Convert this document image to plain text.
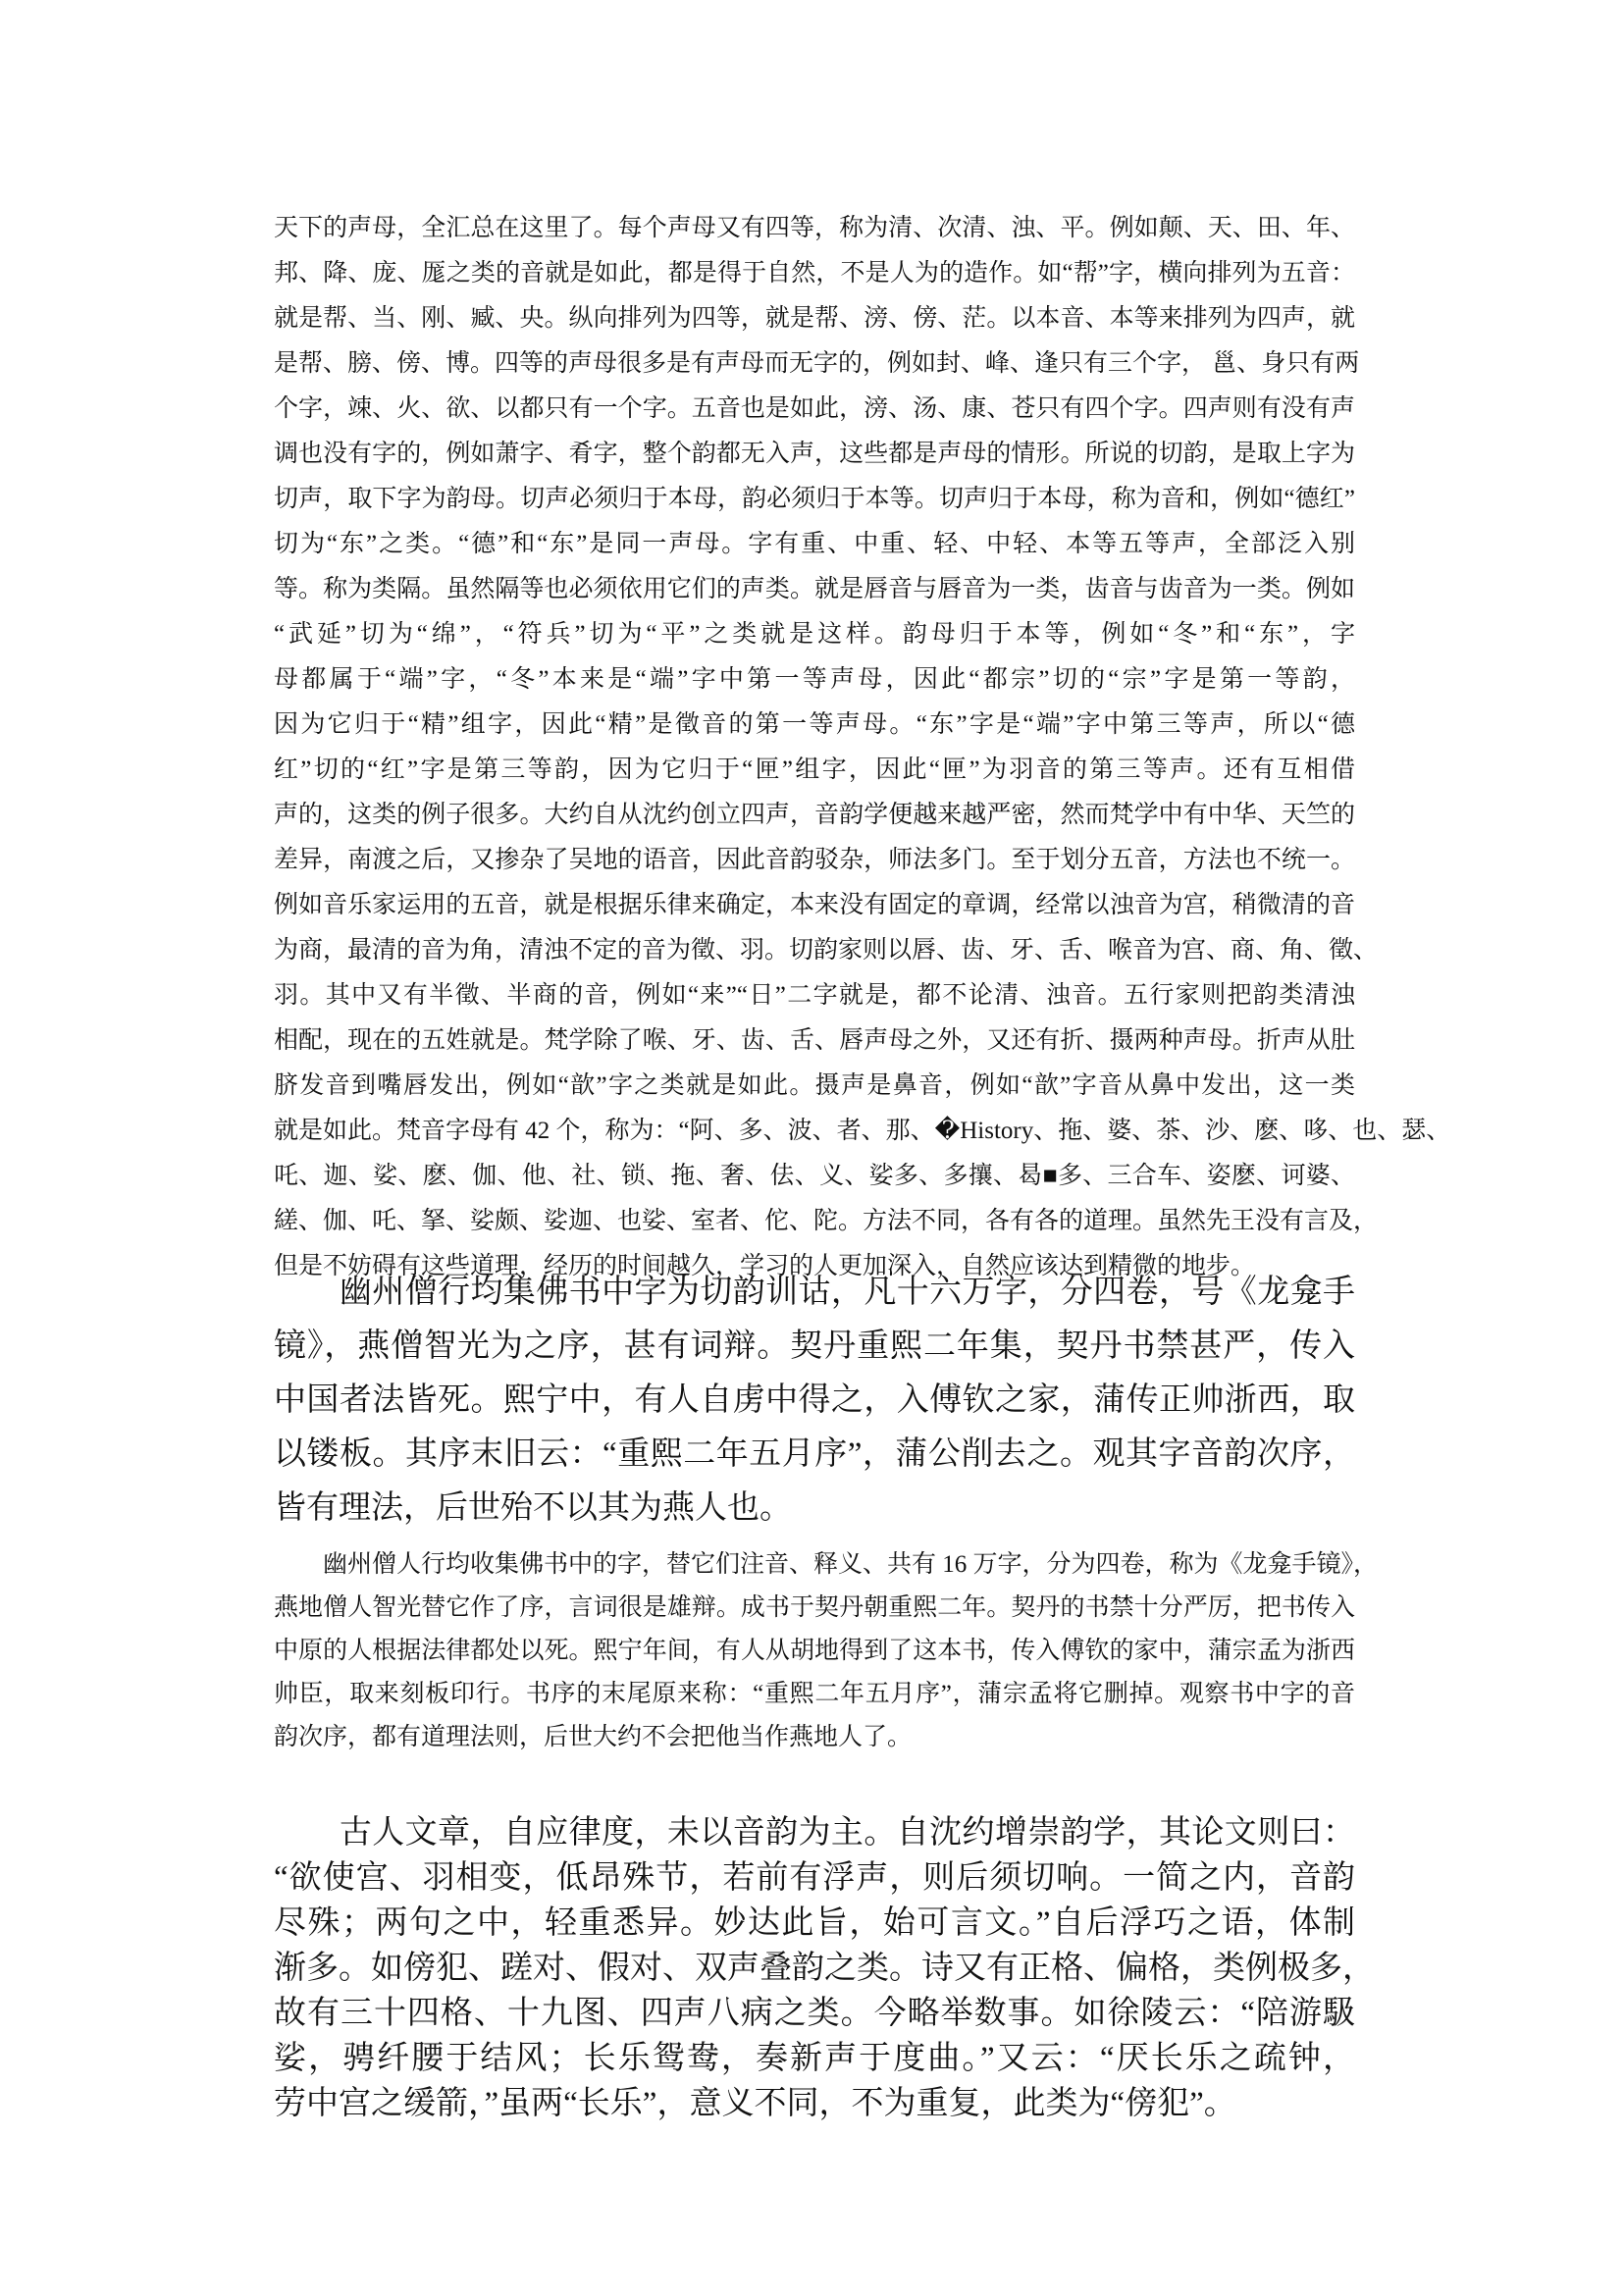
天下的声母，全汇总在这里了。每个声母又有四等，称为清、次清、浊、平。例如颠、天、田、年、
邦、降、庞、厖之类的音就是如此，都是得于自然，不是人为的造作。如“帮”字，横向排列为五音：
就是帮、当、刚、臧、央。纵向排列为四等，就是帮、滂、傍、茫。以本音、本等来排列为四声，就
是帮、膀、傍、博。四等的声母很多是有声母而无字的，例如封、峰、逢只有三个字， 邕、身只有两
个字，竦、火、欲、以都只有一个字。五音也是如此，滂、汤、康、苍只有四个字。四声则有没有声
调也没有字的，例如萧字、肴字，整个韵都无入声，这些都是声母的情形。所说的切韵，是取上字为
切声，取下字为韵母。切声必须归于本母，韵必须归于本等。切声归于本母，称为音和，例如“德红”
切为“东”之类。“德”和“东”是同一声母。字有重、中重、轻、中轻、本等五等声，全部泛入别
等。称为类隔。虽然隔等也必须依用它们的声类。就是唇音与唇音为一类，齿音与齿音为一类。例如
“武延”切为“绵”，“符兵”切为“平”之类就是这样。韵母归于本等，例如“冬”和“东”，字
母都属于“端”字，“冬”本来是“端”字中第一等声母，因此“都宗”切的“宗”字是第一等韵，
因为它归于“精”组字，因此“精”是徵音的第一等声母。“东”字是“端”字中第三等声，所以“德
红”切的“红”字是第三等韵，因为它归于“匣”组字，因此“匣”为羽音的第三等声。还有互相借
声的，这类的例子很多。大约自从沈约创立四声，音韵学便越来越严密，然而梵学中有中华、天竺的
差异，南渡之后，又掺杂了吴地的语音，因此音韵驳杂，师法多门。至于划分五音，方法也不统一。
例如音乐家运用的五音，就是根据乐律来确定，本来没有固定的章调，经常以浊音为宫，稍微清的音
为商，最清的音为角，清浊不定的音为徵、羽。切韵家则以唇、齿、牙、舌、喉音为宫、商、角、徵、
羽。其中又有半徵、半商的音，例如“来”“日”二字就是，都不论清、浊音。五行家则把韵类清浊
相配，现在的五姓就是。梵学除了喉、牙、齿、舌、唇声母之外，又还有折、摄两种声母。折声从肚
脐发音到嘴唇发出，例如“歆”字之类就是如此。摄声是鼻音，例如“歆”字音从鼻中发出，这一类
就是如此。梵音字母有 42 个，称为：“阿、多、波、者、那、�History、拖、婆、茶、沙、麽、哆、也、瑟、
吒、迦、娑、麽、伽、他、社、锁、拖、奢、佉、义、娑多、多攘、曷■多、三合车、姿麽、诃婆、
縒、伽、吒、拏、娑颇、娑迦、也娑、室者、佗、陀。方法不同，各有各的道理。虽然先王没有言及，
但是不妨碍有这些道理，经历的时间越久，学习的人更加深入，自然应该达到精微的地步。
　　幽州僧行均集佛书中字为切韵训诂，凡十六万字，分四卷，号《龙龛手
镜》，燕僧智光为之序，甚有词辩。契丹重熙二年集，契丹书禁甚严，传入
中国者法皆死。熙宁中，有人自虏中得之，入傅钦之家，蒲传正帅浙西，取
以镂板。其序末旧云：“重熙二年五月序”，蒲公削去之。观其字音韵次序，
皆有理法，后世殆不以其为燕人也。
　　幽州僧人行均收集佛书中的字，替它们注音、释义、共有 16 万字，分为四卷，称为《龙龛手镜》，
燕地僧人智光替它作了序，言词很是雄辩。成书于契丹朝重熙二年。契丹的书禁十分严厉，把书传入
中原的人根据法律都处以死。熙宁年间，有人从胡地得到了这本书，传入傅钦的家中，蒲宗孟为浙西
帅臣，取来刻板印行。书序的末尾原来称：“重熙二年五月序”，蒲宗孟将它删掉。观察书中字的音
韵次序，都有道理法则，后世大约不会把他当作燕地人了。
　　古人文章，自应律度，未以音韵为主。自沈约增崇韵学，其论文则曰：
“欲使宫、羽相变，低昂殊节，若前有浮声，则后须切响。一简之内，音韵
尽殊；两句之中，轻重悉异。妙达此旨，始可言文。”自后浮巧之语，体制
渐多。如傍犯、蹉对、假对、双声叠韵之类。诗又有正格、偏格，类例极多，
故有三十四格、十九图、四声八病之类。今略举数事。如徐陵云：“陪游馺
娑，骋纤腰于结风；长乐鸳鸯，奏新声于度曲。”又云：“厌长乐之疏钟，
劳中宫之缓箭，”虽两“长乐”，意义不同，不为重复，此类为“傍犯”。
